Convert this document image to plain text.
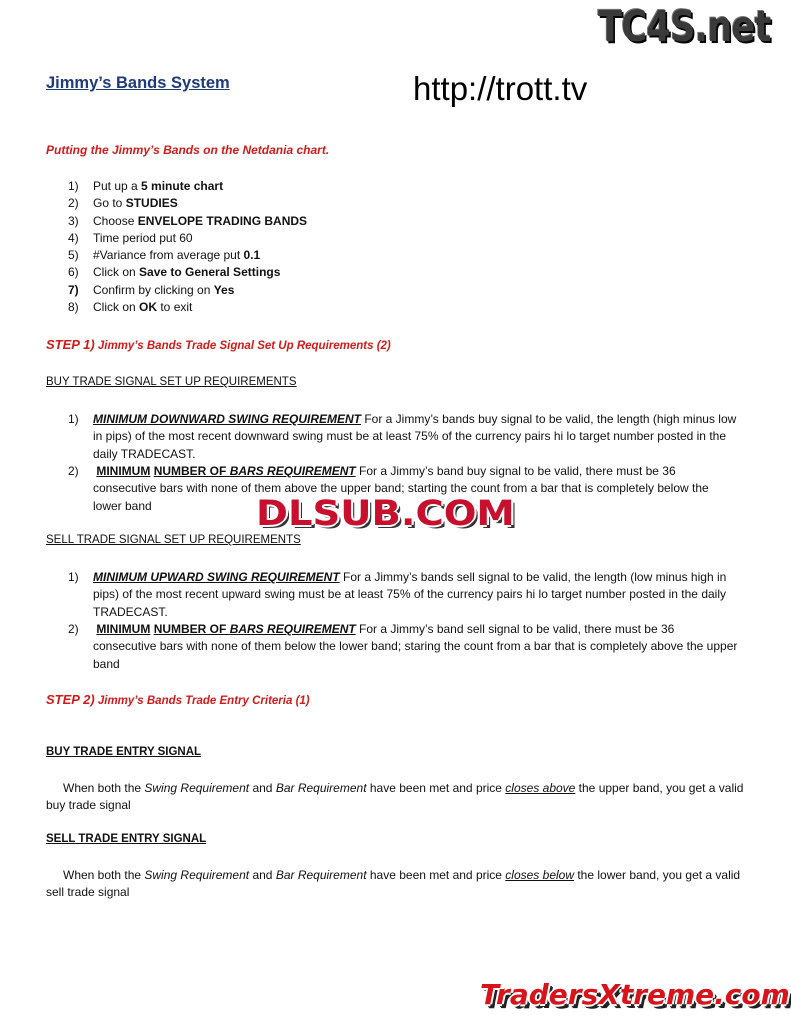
TC4S.net
Jimmy’s Bands System	http://trott.tv
Putting the Jimmy’s Bands on the Netdania chart.
1) Put up a 5 minute chart
2) Go to STUDIES
3) Choose ENVELOPE TRADING BANDS
4) Time period put 60
5) #Variance from average put 0.1
6) Click on Save to General Settings
7) Confirm by clicking on Yes
8) Click on OK to exit
STEP 1) Jimmy’s Bands Trade Signal Set Up Requirements (2)
BUY TRADE SIGNAL SET UP REQUIREMENTS
1) MINIMUM DOWNWARD SWING REQUIREMENT For a Jimmy’s bands buy signal to be valid, the length (high minus low in pips) of the most recent downward swing must be at least 75% of the currency pairs hi lo target number posted in the daily TRADECAST.
2) MINIMUM NUMBER OF BARS REQUIREMENT For a Jimmy’s band buy signal to be valid, there must be 36 consecutive bars with none of them above the upper band; starting the count from a bar that is completely below the lower band	DLSUB.COM
SELL TRADE SIGNAL SET UP REQUIREMENTS
1) MINIMUM UPWARD SWING REQUIREMENT For a Jimmy’s bands sell signal to be valid, the length (low minus high in pips) of the most recent upward swing must be at least 75% of the currency pairs hi lo target number posted in the daily TRADECAST.
2) MINIMUM NUMBER OF BARS REQUIREMENT For a Jimmy’s band sell signal to be valid, there must be 36 consecutive bars with none of them below the lower band; staring the count from a bar that is completely above the upper band
STEP 2) Jimmy’s Bands Trade Entry Criteria (1)
BUY TRADE ENTRY SIGNAL
When both the Swing Requirement and Bar Requirement have been met and price closes above the upper band, you get a valid buy trade signal
SELL TRADE ENTRY SIGNAL
When both the Swing Requirement and Bar Requirement have been met and price closes below the lower band, you get a valid sell trade signal
TradersXtreme.com
